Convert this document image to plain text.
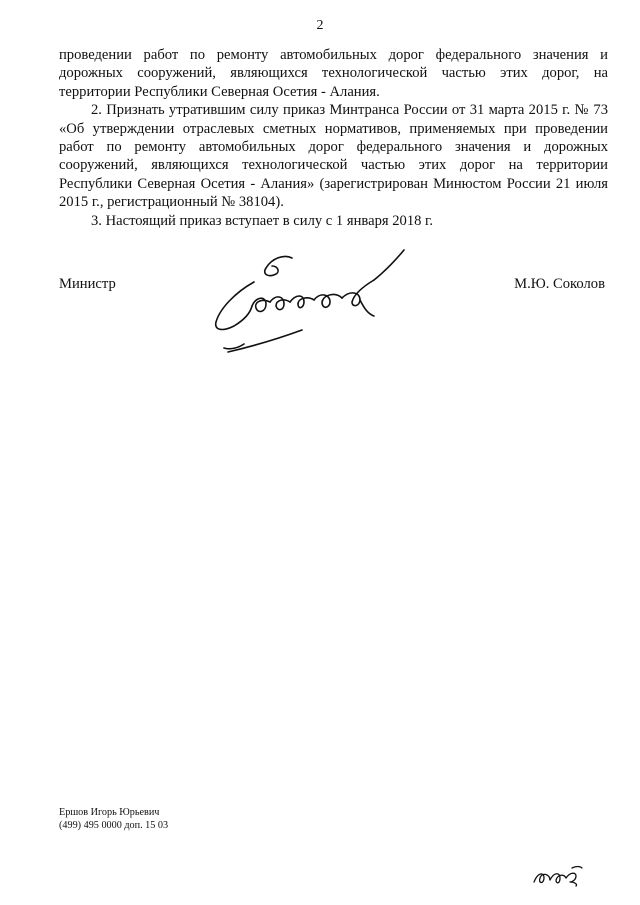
2

проведении работ по ремонту автомобильных дорог федерального значения и дорожных сооружений, являющихся технологической частью этих дорог, на территории Республики Северная Осетия - Алания.

2. Признать утратившим силу приказ Минтранса России от 31 марта 2015 г. № 73 «Об утверждении отраслевых сметных нормативов, применяемых при проведении работ по ремонту автомобильных дорог федерального значения и дорожных сооружений, являющихся технологической частью этих дорог на территории Республики Северная Осетия - Алания» (зарегистрирован Минюстом России 21 июля 2015 г., регистрационный № 38104).

3. Настоящий приказ вступает в силу с 1 января 2018 г.

Министр	М.Ю. Соколов
Ершов Игорь Юрьевич
(499) 495 0000 доп. 15 03
